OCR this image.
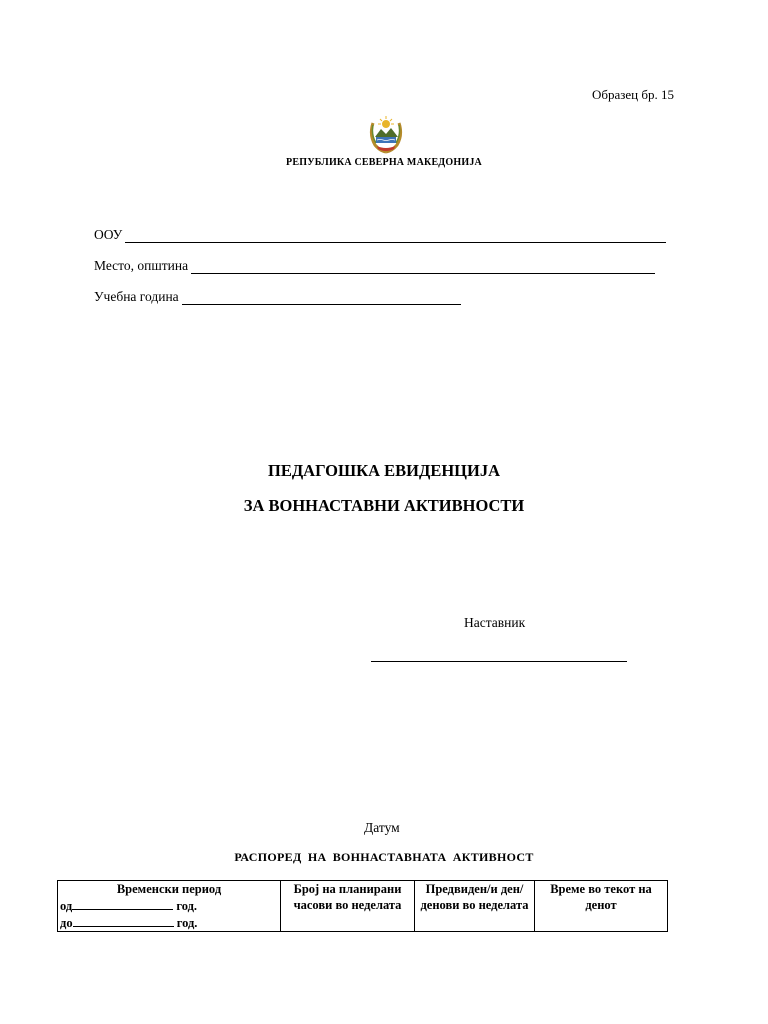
Образец бр. 15
РЕПУБЛИКА СЕВЕРНА МАКЕДОНИЈА
ООУ
Место, општина
Учебна година
ПЕДАГОШКА ЕВИДЕНЦИЈА
ЗА ВОННАСТАВНИ АКТИВНОСТИ
Наставник
Датум
РАСПОРЕД НА ВОННАСТАВНАТА АКТИВНОСТ
Временски период
од	год.
до	год.
	Број на планирани часови во неделата	Предвиден/и ден/денови во неделата	Време во текот на денот
